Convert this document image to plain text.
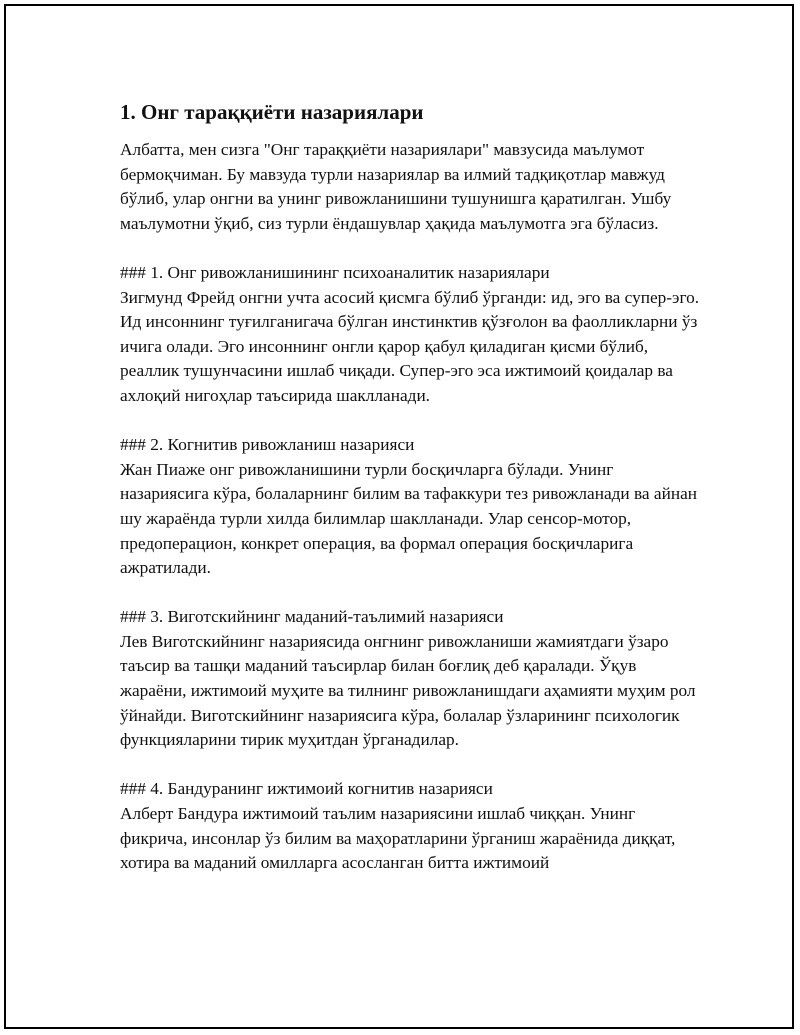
1. Онг тараққиёти назариялари

Албатта, мен сизга "Онг тараққиёти назариялари" мавзусида маълумот бермоқчиман. Бу мавзуда турли назариялар ва илмий тадқиқотлар мавжуд бўлиб, улар онгни ва унинг ривожланишини тушунишга қаратилган. Ушбу маълумотни ўқиб, сиз турли ёндашувлар ҳақида маълумотга эга бўласиз.

### 1. Онг ривожланишининг психоаналитик назариялари

Зигмунд Фрейд онгни учта асосий қисмга бўлиб ўрганди: ид, эго ва супер-эго. Ид инсоннинг туғилганигача бўлган инстинктив қўзғолон ва фаолликларни ўз ичига олади. Эго инсоннинг онгли қарор қабул қиладиган қисми бўлиб, реаллик тушунчасини ишлаб чиқади. Супер-эго эса ижтимоий қоидалар ва ахлоқий нигоҳлар таъсирида шаклланади.

### 2. Когнитив ривожланиш назарияси

Жан Пиаже онг ривожланишини турли босқичларга бўлади. Унинг назариясига кўра, болаларнинг билим ва тафаккури тез ривожланади ва айнан шу жараёнда турли хилда билимлар шаклланади. Улар сенсор-мотор, предоперацион, конкрет операция, ва формал операция босқичларига ажратилади.

### 3. Виготскийнинг маданий-таълимий назарияси

Лев Виготскийнинг назариясида онгнинг ривожланиши жамиятдаги ўзаро таъсир ва ташқи маданий таъсирлар билан боғлиқ деб қаралади. Ўқув жараёни, ижтимоий муҳите ва тилнинг ривожланишдаги аҳамияти муҳим рол ўйнайди. Виготскийнинг назариясига кўра, болалар ўзларининг психологик функцияларини тирик муҳитдан ўрганадилар.

### 4. Бандуранинг ижтимоий когнитив назарияси

Алберт Бандура ижтимоий таълим назариясини ишлаб чиққан. Унинг фикрича, инсонлар ўз билим ва маҳоратларини ўрганиш жараёнида диққат, хотира ва маданий омилларга асосланган битта ижтимоий
